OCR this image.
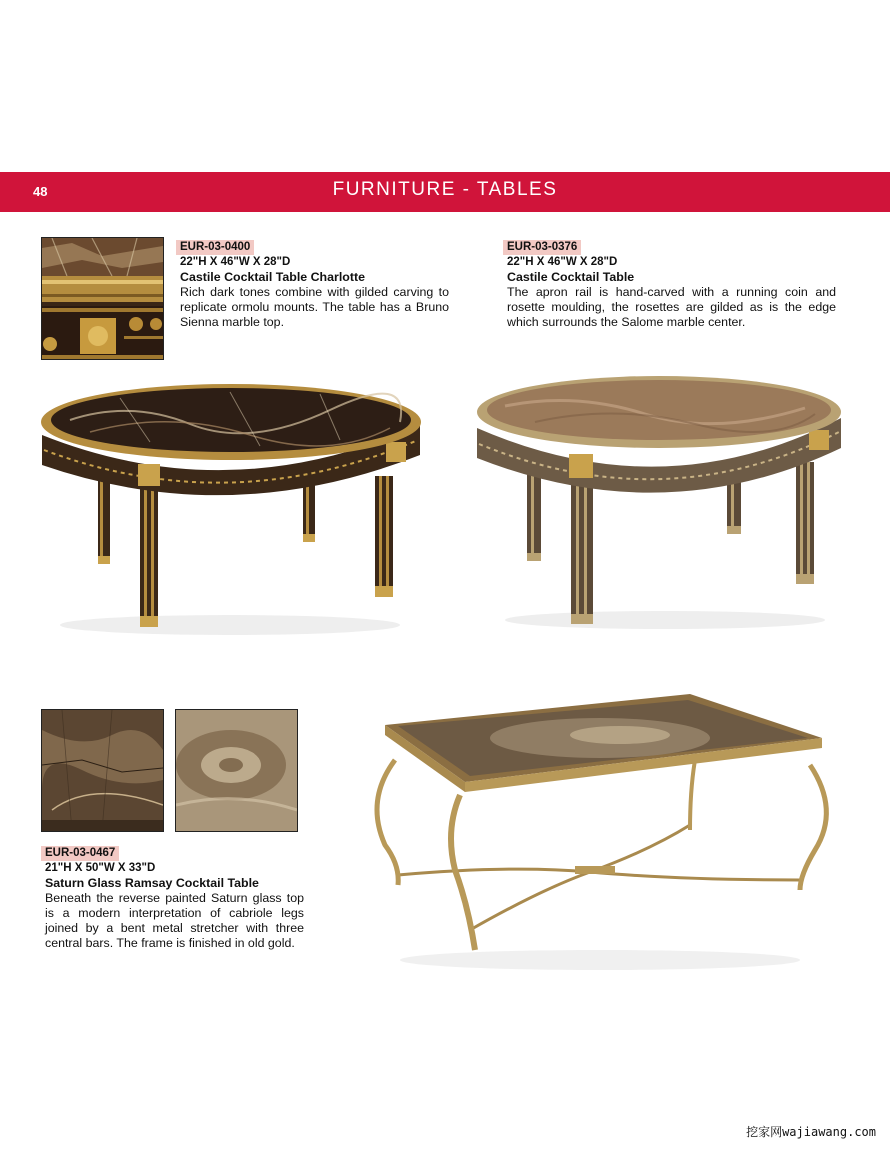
48	FURNITURE - TABLES
EUR-03-0400
22"H X 46"W X 28"D
Castile Cocktail Table Charlotte
Rich dark tones combine with gilded carving to replicate ormolu mounts. The table has a Bruno Sienna marble top.
EUR-03-0376
22"H X 46"W X 28"D
Castile Cocktail Table
The apron rail is hand-carved with a running coin and rosette moulding, the rosettes are gilded as is the edge which surrounds the Salome marble center.
EUR-03-0467
21"H X 50"W X 33"D
Saturn Glass Ramsay Cocktail Table
Beneath the reverse painted Saturn glass top is a modern interpretation of cabriole legs joined by a bent metal stretcher with three central bars. The frame is finished in old gold.
挖家网wajiawang.com
